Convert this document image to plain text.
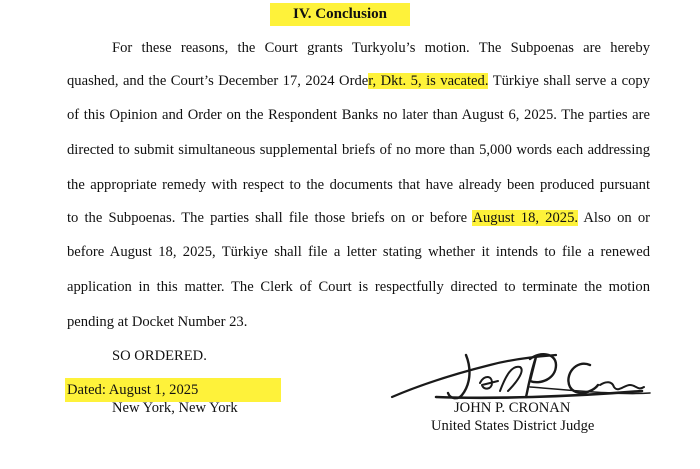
IV. Conclusion
For these reasons, the Court grants Turkyolu’s motion. The Subpoenas are hereby
quashed, and the Court’s December 17, 2024 Order, Dkt. 5, is vacated. Türkiye shall serve a copy
of this Opinion and Order on the Respondent Banks no later than August 6, 2025. The parties are
directed to submit simultaneous supplemental briefs of no more than 5,000 words each addressing
the appropriate remedy with respect to the documents that have already been produced pursuant
to the Subpoenas. The parties shall file those briefs on or before August 18, 2025. Also on or
before August 18, 2025, Türkiye shall file a letter stating whether it intends to file a renewed
application in this matter. The Clerk of Court is respectfully directed to terminate the motion
pending at Docket Number 23.
SO ORDERED.
Dated: August 1, 2025
New York, New York	JOHN P. CRONAN
United States District Judge
